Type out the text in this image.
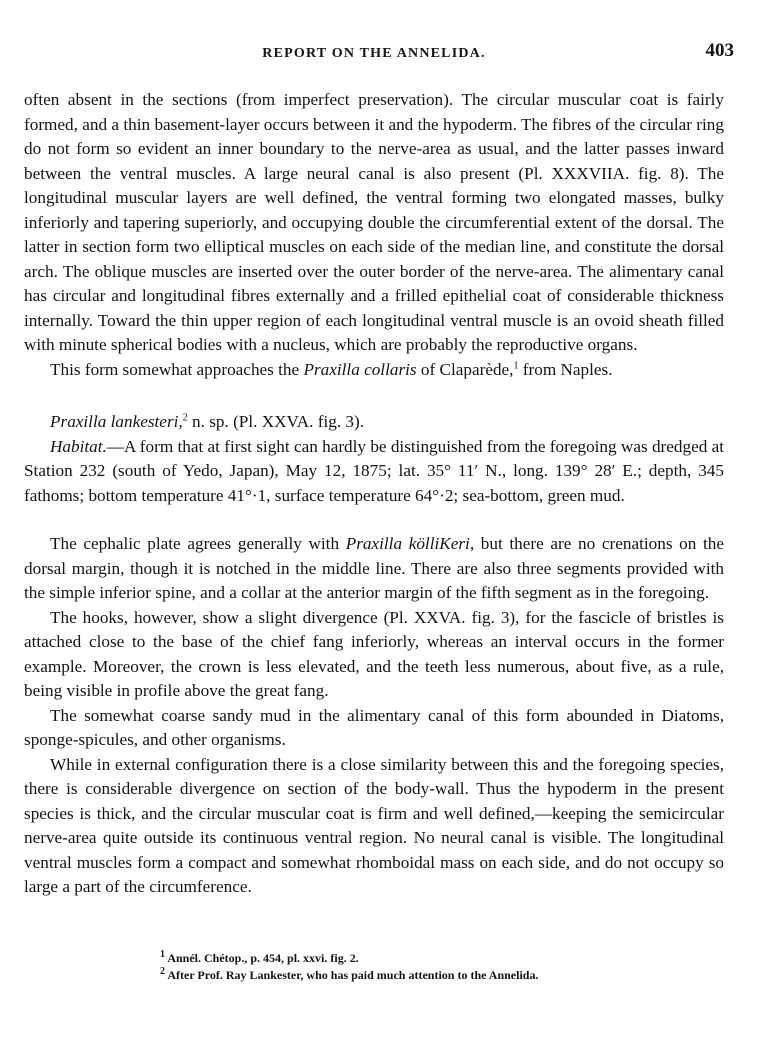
REPORT ON THE ANNELIDA.	403

often absent in the sections (from imperfect preservation). The circular muscular coat is fairly formed, and a thin basement-layer occurs between it and the hypoderm. The fibres of the circular ring do not form so evident an inner boundary to the nerve-area as usual, and the latter passes inward between the ventral muscles. A large neural canal is also present (Pl. XXXVIIA. fig. 8). The longitudinal muscular layers are well defined, the ventral forming two elongated masses, bulky inferiorly and tapering superiorly, and occupying double the circumferential extent of the dorsal. The latter in section form two elliptical muscles on each side of the median line, and constitute the dorsal arch. The oblique muscles are inserted over the outer border of the nerve-area. The alimentary canal has circular and longitudinal fibres externally and a frilled epithelial coat of considerable thickness internally. Toward the thin upper region of each longitudinal ventral muscle is an ovoid sheath filled with minute spherical bodies with a nucleus, which are probably the reproductive organs.

This form somewhat approaches the Praxilla collaris of Claparède,$^1$ from Naples.

Praxilla lankesteri,$^2$ n. sp. (Pl. XXVA. fig. 3).

Habitat.—A form that at first sight can hardly be distinguished from the foregoing was dredged at Station 232 (south of Yedo, Japan), May 12, 1875; lat. 35° 11′ N., long. 139° 28′ E.; depth, 345 fathoms; bottom temperature 41°·1, surface temperature 64°·2; sea-bottom, green mud.

The cephalic plate agrees generally with Praxilla kölliKeri, but there are no crenations on the dorsal margin, though it is notched in the middle line. There are also three segments provided with the simple inferior spine, and a collar at the anterior margin of the fifth segment as in the foregoing.

The hooks, however, show a slight divergence (Pl. XXVA. fig. 3), for the fascicle of bristles is attached close to the base of the chief fang inferiorly, whereas an interval occurs in the former example. Moreover, the crown is less elevated, and the teeth less numerous, about five, as a rule, being visible in profile above the great fang.

The somewhat coarse sandy mud in the alimentary canal of this form abounded in Diatoms, sponge-spicules, and other organisms.

While in external configuration there is a close similarity between this and the foregoing species, there is considerable divergence on section of the body-wall. Thus the hypoderm in the present species is thick, and the circular muscular coat is firm and well defined,—keeping the semicircular nerve-area quite outside its continuous ventral region. No neural canal is visible. The longitudinal ventral muscles form a compact and somewhat rhomboidal mass on each side, and do not occupy so large a part of the circumference.

$^1$ Annél. Chétop., p. 454, pl. xxvi. fig. 2.
$^2$ After Prof. Ray Lankester, who has paid much attention to the Annelida.
